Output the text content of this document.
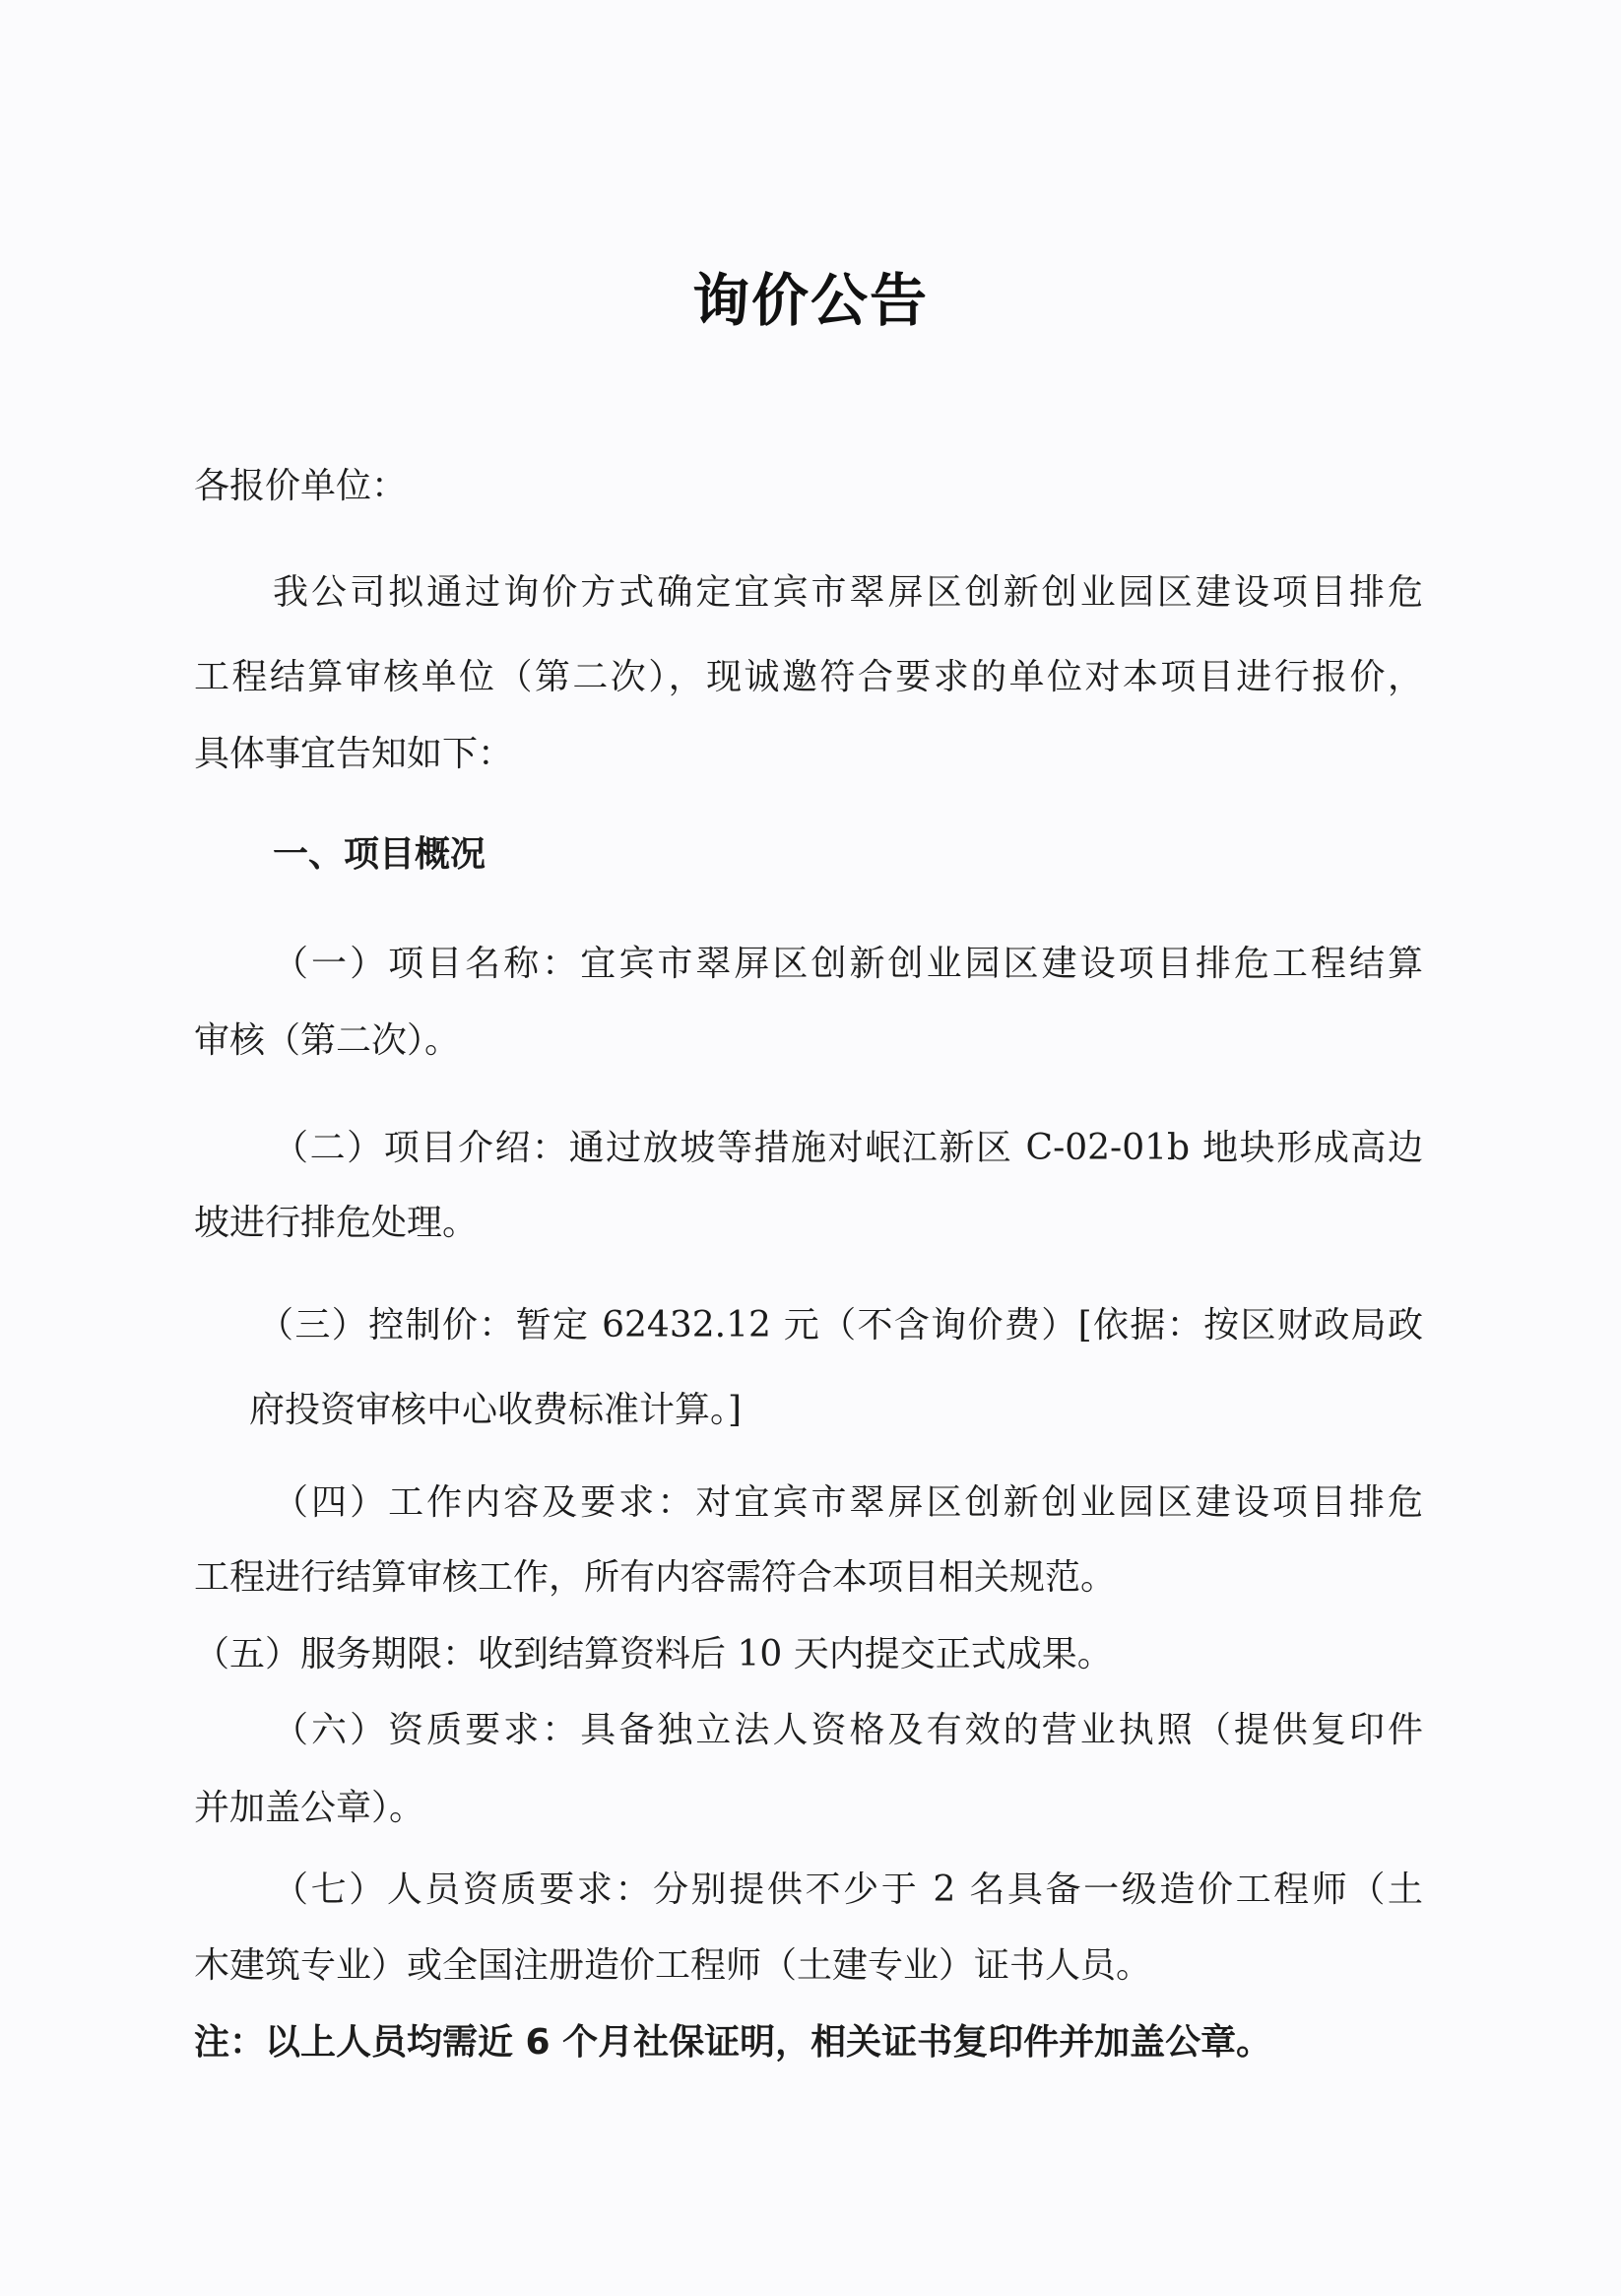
询价公告
各报价单位：
我公司拟通过询价方式确定宜宾市翠屏区创新创业园区建设项目排危
工程结算审核单位（第二次），现诚邀符合要求的单位对本项目进行报价，
具体事宜告知如下：
一、项目概况
（一）项目名称：宜宾市翠屏区创新创业园区建设项目排危工程结算
审核（第二次）。
（二）项目介绍：通过放坡等措施对岷江新区 C-02-01b 地块形成高边
坡进行排危处理。
（三）控制价：暂定 62432.12 元（不含询价费）[依据：按区财政局政
府投资审核中心收费标准计算。]
（四）工作内容及要求：对宜宾市翠屏区创新创业园区建设项目排危
工程进行结算审核工作，所有内容需符合本项目相关规范。
（五）服务期限：收到结算资料后 10 天内提交正式成果。
（六）资质要求：具备独立法人资格及有效的营业执照（提供复印件
并加盖公章）。
（七）人员资质要求：分别提供不少于 2 名具备一级造价工程师（土
木建筑专业）或全国注册造价工程师（土建专业）证书人员。
注：以上人员均需近 6 个月社保证明，相关证书复印件并加盖公章。
